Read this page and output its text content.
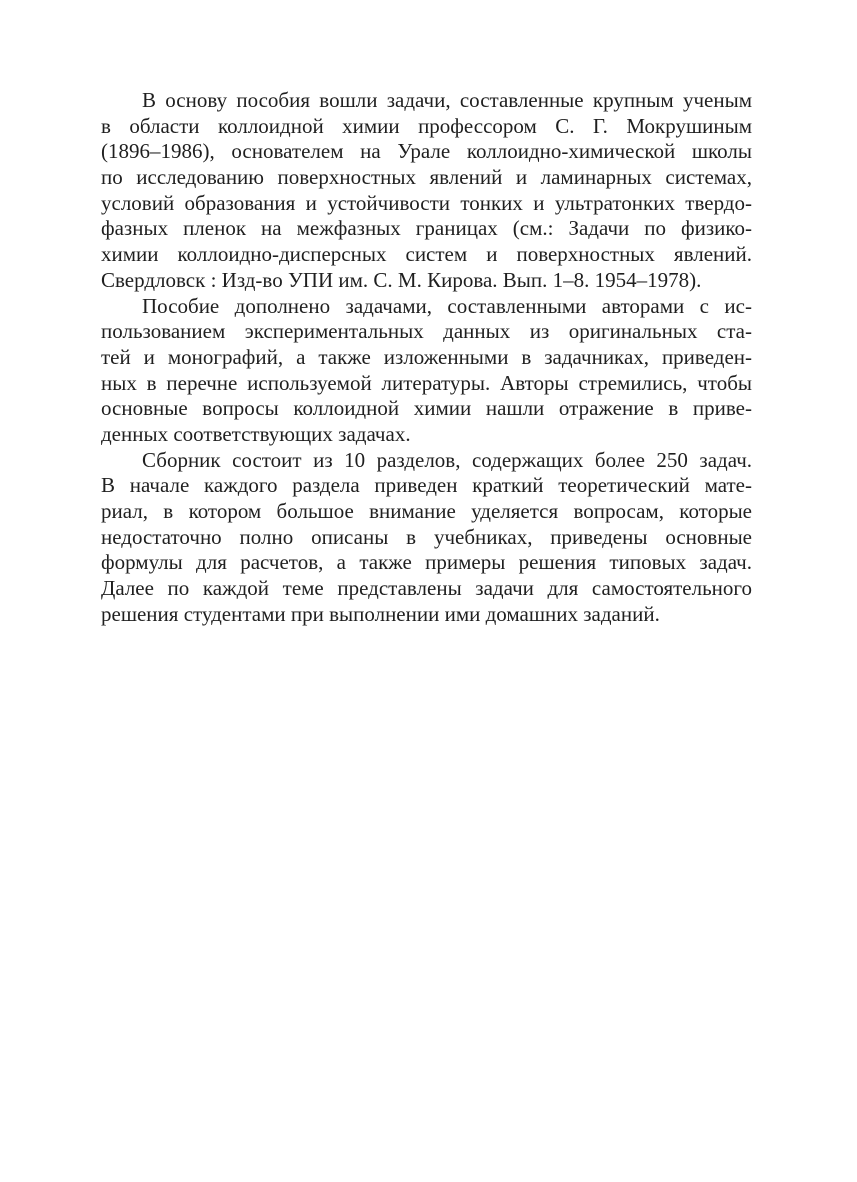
В основу пособия вошли задачи, составленные крупным ученым
в области коллоидной химии профессором С. Г. Мокрушиным
(1896–1986), основателем на Урале коллоидно-химической школы
по исследованию поверхностных явлений и ламинарных системах,
условий образования и устойчивости тонких и ультратонких твердо-
фазных пленок на межфазных границах (см.: Задачи по физико-
химии коллоидно-дисперсных систем и поверхностных явлений.
Свердловск : Изд-во УПИ им. С. М. Кирова. Вып. 1–8. 1954–1978).
Пособие дополнено задачами, составленными авторами с ис-
пользованием экспериментальных данных из оригинальных ста-
тей и монографий, а также изложенными в задачниках, приведен-
ных в перечне используемой литературы. Авторы стремились, чтобы
основные вопросы коллоидной химии нашли отражение в приве-
денных соответствующих задачах.
Сборник состоит из 10 разделов, содержащих более 250 задач.
В начале каждого раздела приведен краткий теоретический мате-
риал, в котором большое внимание уделяется вопросам, которые
недостаточно полно описаны в учебниках, приведены основные
формулы для расчетов, а также примеры решения типовых задач.
Далее по каждой теме представлены задачи для самостоятельного
решения студентами при выполнении ими домашних заданий.
